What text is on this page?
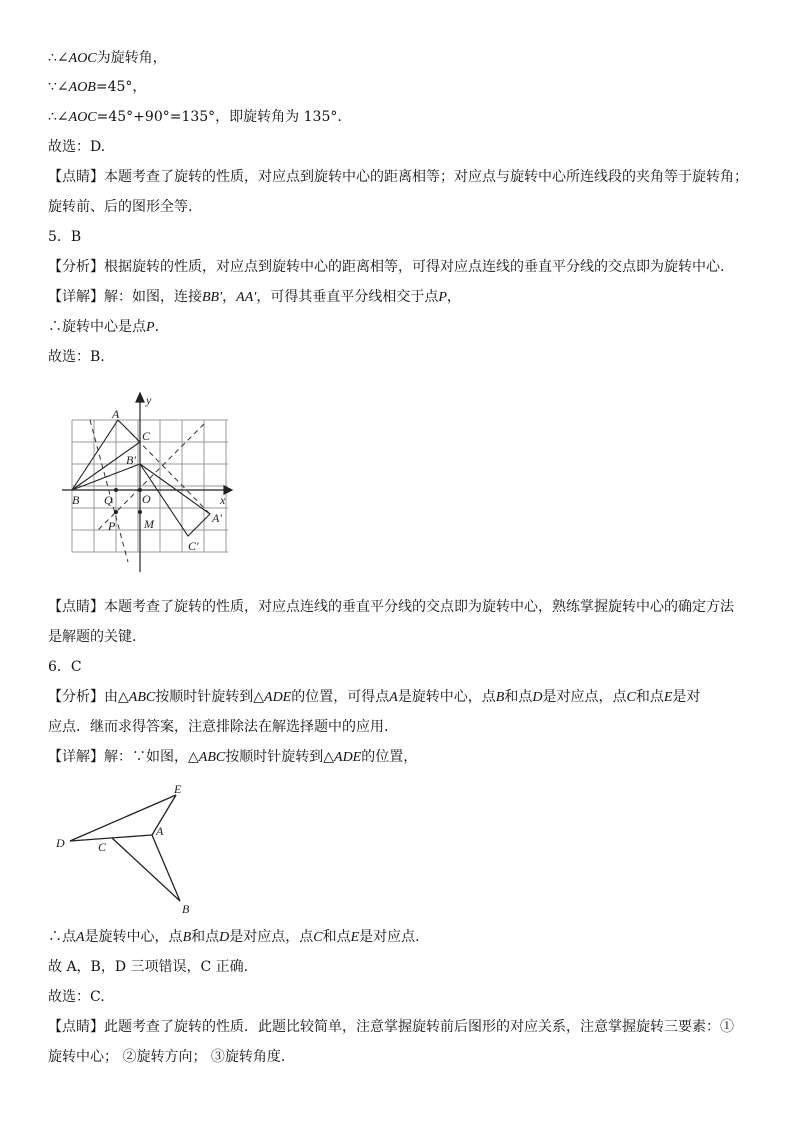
∴∠AOC为旋转角，
∵∠AOB=45°，
∴∠AOC=45°+90°=135°，即旋转角为 135°.
故选：D.
【点睛】本题考查了旋转的性质，对应点到旋转中心的距离相等；对应点与旋转中心所连线段的夹角等于旋转角；
旋转前、后的图形全等.
5．B
【分析】根据旋转的性质，对应点到旋转中心的距离相等，可得对应点连线的垂直平分线的交点即为旋转中心.
【详解】解：如图，连接BB′，AA′，可得其垂直平分线相交于点P，
∴旋转中心是点P.
故选：B.
y
x
A
C
B′
B Q O
P M	A′
C′
【点睛】本题考查了旋转的性质，对应点连线的垂直平分线的交点即为旋转中心，熟练掌握旋转中心的确定方法
是解题的关键.
6．C
【分析】由△ABC按顺时针旋转到△ADE的位置，可得点A是旋转中心，点B和点D是对应点，点C和点E是对
应点．继而求得答案，注意排除法在解选择题中的应用.
【详解】解：∵如图，△ABC按顺时针旋转到△ADE的位置，
E
D	C
A
B
∴点A是旋转中心，点B和点D是对应点，点C和点E是对应点.
故 A，B，D 三项错误，C 正确.
故选：C.
【点睛】此题考查了旋转的性质．此题比较简单，注意掌握旋转前后图形的对应关系，注意掌握旋转三要素：①
旋转中心； ②旋转方向； ③旋转角度.
